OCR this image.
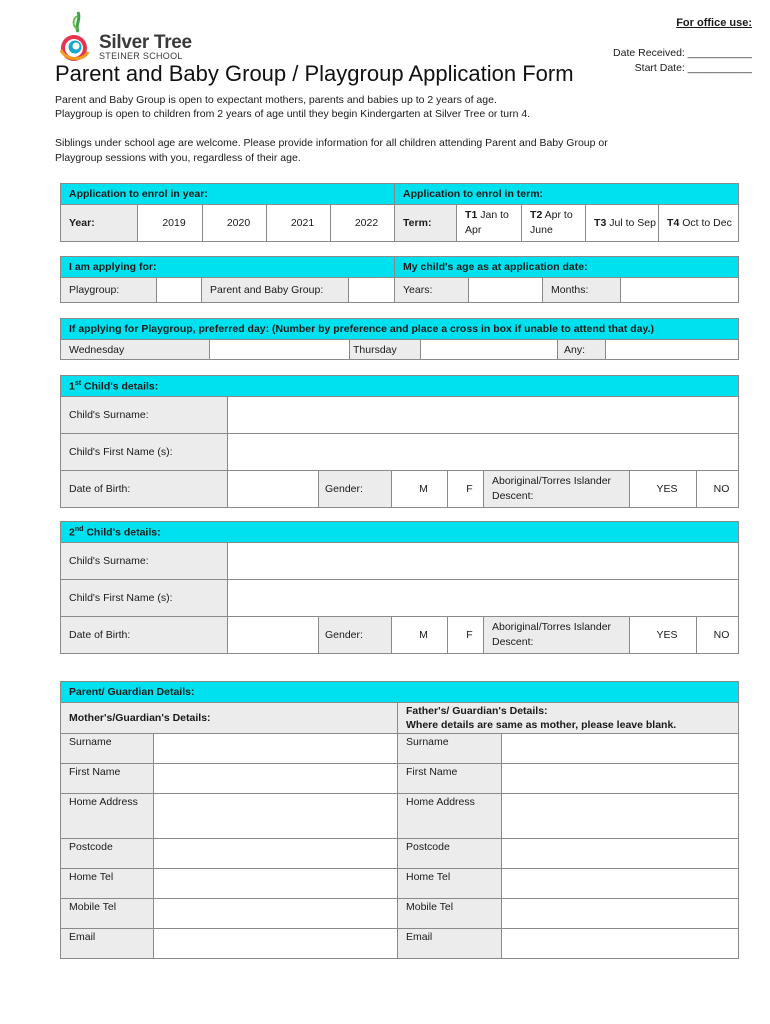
Silver Tree
STEINER SCHOOL
For office use:
Date Received: ___________
Start Date: ___________
Parent and Baby Group / Playgroup Application Form
Parent and Baby Group is open to expectant mothers, parents and babies up to 2 years of age.
Playgroup is open to children from 2 years of age until they begin Kindergarten at Silver Tree or turn 4.
Siblings under school age are welcome. Please provide information for all children attending Parent and Baby Group or
Playgroup sessions with you, regardless of their age.
Application to enrol in year:					Application to enrol in term:				
Year:	2019	2020	2021	2022	Term:	T1 Jan to Apr	T2 Apr to June	T3 Jul to Sep	T4 Oct to Dec
I am applying for:				My child's age as at application date:			
Playgroup:		Parent and Baby Group:		Years:		Months:	
If applying for Playgroup, preferred day: (Number by preference and place a cross in box if unable to attend that day.)
Wednesday		Thursday		Any:	
1st Child's details:							
Child's Surname:							
Child's First Name (s):							
Date of Birth:		Gender:	M	F	Aboriginal/Torres Islander Descent:	YES	NO
2nd Child's details:							
Child's Surname:							
Child's First Name (s):							
Date of Birth:		Gender:	M	F	Aboriginal/Torres Islander Descent:	YES	NO
Parent/ Guardian Details:			
Mother's/Guardian's Details:		Father's/ Guardian's Details:
Where details are same as mother, please leave blank.	

Surname		Surname	
First Name		First Name	
Home Address		Home Address	
Postcode		Postcode	
Home Tel		Home Tel	
Mobile Tel		Mobile Tel	
Email		Email	
